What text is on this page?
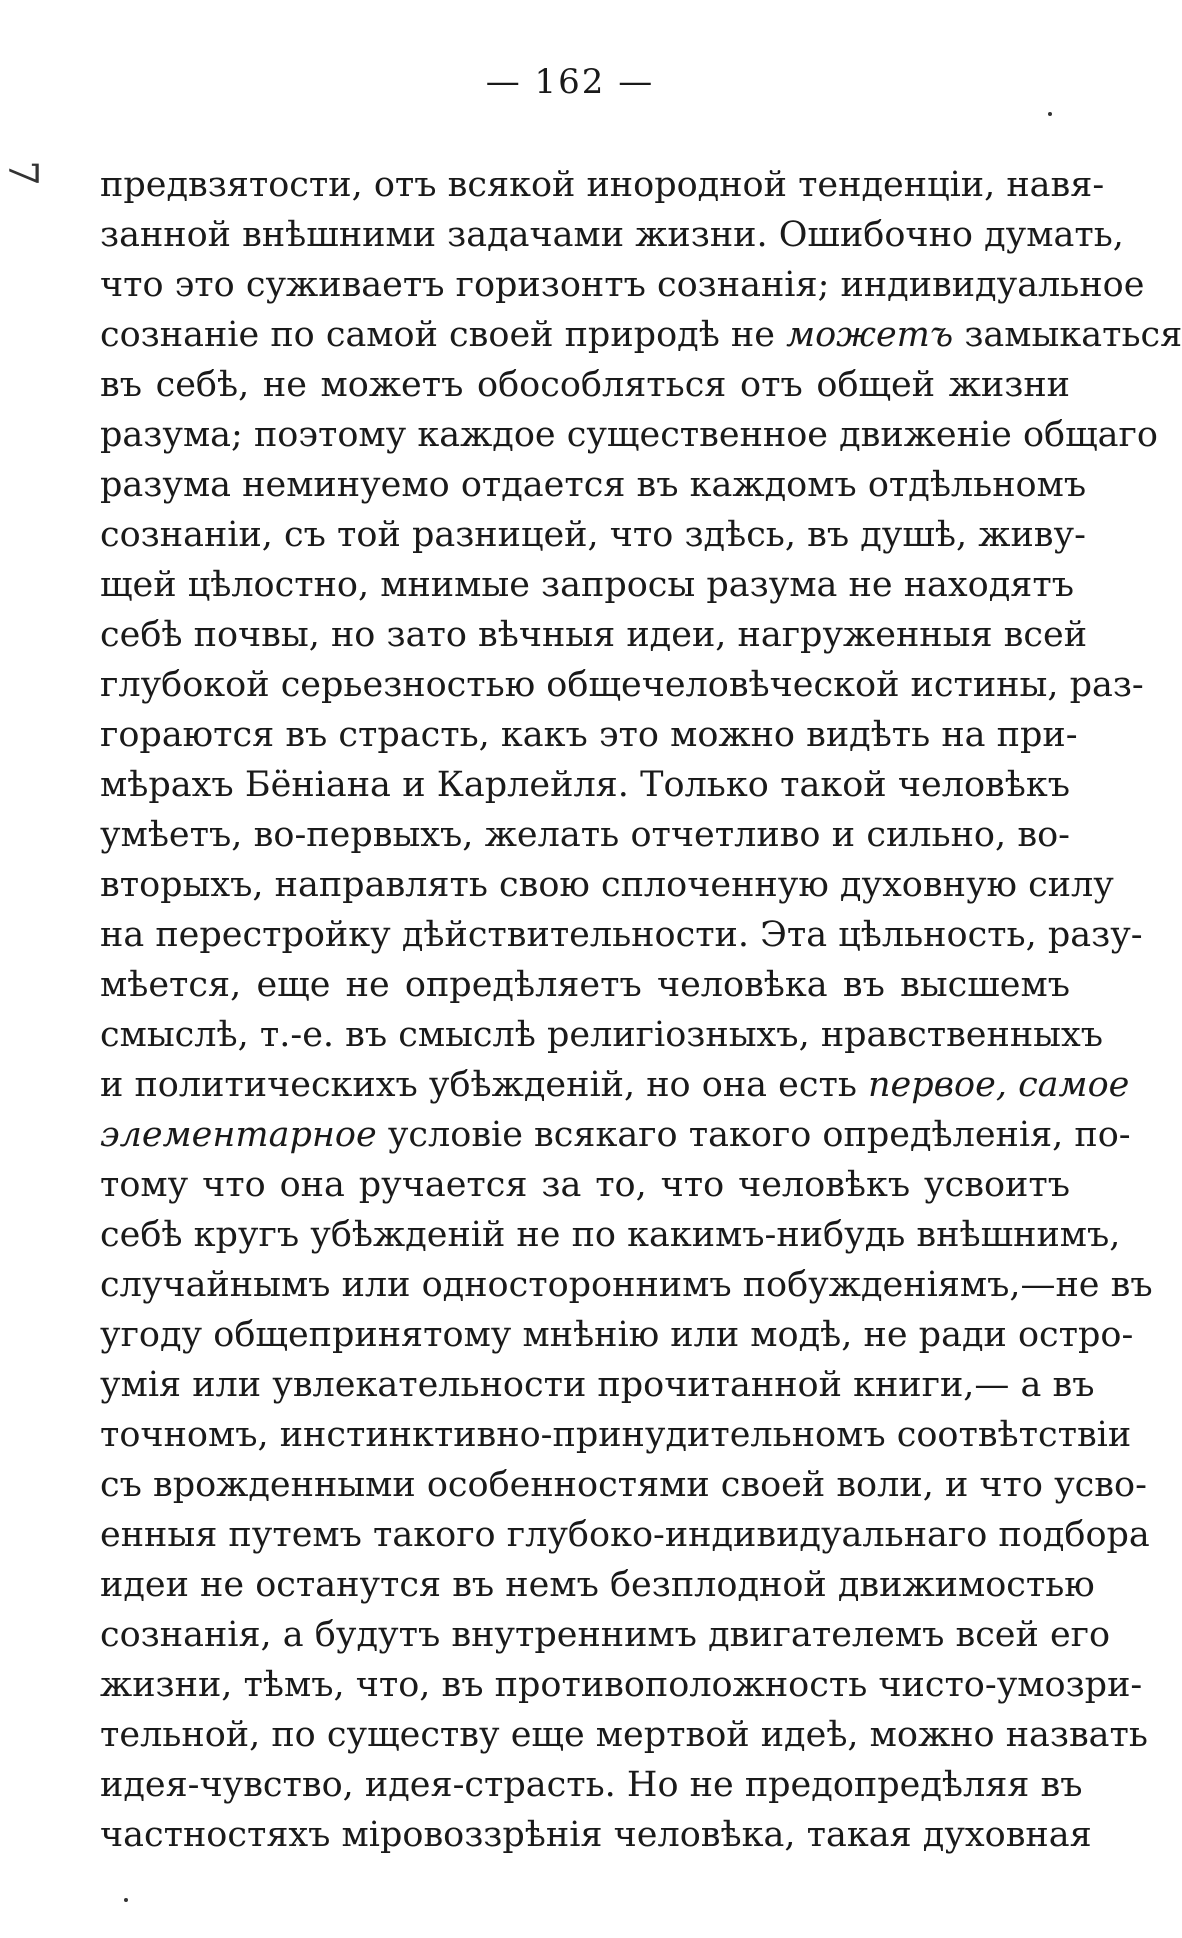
— 162 —
7 предвзятости, отъ всякой инородной тенденціи, навя-
занной внѣшними задачами жизни. Ошибочно думать,
что это суживаетъ горизонтъ сознанія; индивидуальное
сознаніе по самой своей природѣ не можетъ замыкаться
въ себѣ, не можетъ обособляться отъ общей жизни
разума; поэтому каждое существенное движеніе общаго
разума неминуемо отдается въ каждомъ отдѣльномъ
сознаніи, съ той разницей, что здѣсь, въ душѣ, живу-
щей цѣлостно, мнимые запросы разума не находятъ
себѣ почвы, но зато вѣчныя идеи, нагруженныя всей
глубокой серьезностью общечеловѣческой истины, раз-
гораются въ страсть, какъ это можно видѣть на при-
мѣрахъ Бёніана и Карлейля. Только такой человѣкъ
умѣетъ, во-первыхъ, желать отчетливо и сильно, во-
вторыхъ, направлять свою сплоченную духовную силу
на перестройку дѣйствительности. Эта цѣльность, разу-
мѣется, еще не опредѣляетъ человѣка въ высшемъ
смыслѣ, т.-е. въ смыслѣ религіозныхъ, нравственныхъ
и политическихъ убѣжденій, но она есть первое, самое
элементарное условіе всякаго такого опредѣленія, по-
тому что она ручается за то, что человѣкъ усвоитъ
себѣ кругъ убѣжденій не по какимъ-нибудь внѣшнимъ,
случайнымъ или одностороннимъ побужденіямъ,—не въ
угоду общепринятому мнѣнію или модѣ, не ради остро-
умія или увлекательности прочитанной книги,— а въ
точномъ, инстинктивно-принудительномъ соотвѣтствіи
съ врожденными особенностями своей воли, и что усво-
енныя путемъ такого глубоко-индивидуальнаго подбора
идеи не останутся въ немъ безплодной движимостью
сознанія, а будутъ внутреннимъ двигателемъ всей его
жизни, тѣмъ, что, въ противоположность чисто-умозри-
тельной, по существу еще мертвой идеѣ, можно назвать
идея-чувство, идея-страсть. Но не предопредѣляя въ
частностяхъ міровоззрѣнія человѣка, такая духовная
